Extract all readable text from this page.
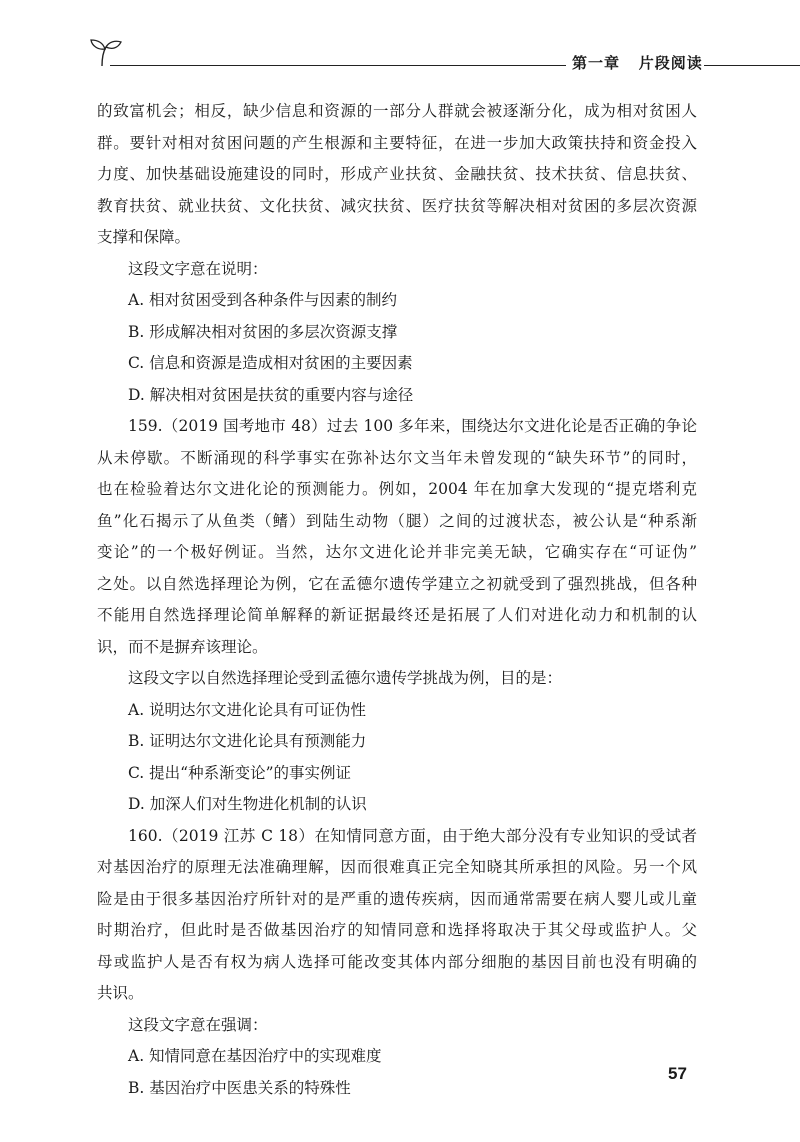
第一章 片段阅读
的致富机会；相反，缺少信息和资源的一部分人群就会被逐渐分化，成为相对贫困人
群。要针对相对贫困问题的产生根源和主要特征，在进一步加大政策扶持和资金投入
力度、加快基础设施建设的同时，形成产业扶贫、金融扶贫、技术扶贫、信息扶贫、
教育扶贫、就业扶贫、文化扶贫、减灾扶贫、医疗扶贫等解决相对贫困的多层次资源
支撑和保障。
这段文字意在说明：
A. 相对贫困受到各种条件与因素的制约
B. 形成解决相对贫困的多层次资源支撑
C. 信息和资源是造成相对贫困的主要因素
D. 解决相对贫困是扶贫的重要内容与途径
159.（2019 国考地市 48）过去 100 多年来，围绕达尔文进化论是否正确的争论
从未停歇。不断涌现的科学事实在弥补达尔文当年未曾发现的“缺失环节”的同时，
也在检验着达尔文进化论的预测能力。例如，2004 年在加拿大发现的“提克塔利克
鱼”化石揭示了从鱼类（鳍）到陆生动物（腿）之间的过渡状态，被公认是“种系渐
变论”的一个极好例证。当然，达尔文进化论并非完美无缺，它确实存在“可证伪”
之处。以自然选择理论为例，它在孟德尔遗传学建立之初就受到了强烈挑战，但各种
不能用自然选择理论简单解释的新证据最终还是拓展了人们对进化动力和机制的认
识，而不是摒弃该理论。
这段文字以自然选择理论受到孟德尔遗传学挑战为例，目的是：
A. 说明达尔文进化论具有可证伪性
B. 证明达尔文进化论具有预测能力
C. 提出“种系渐变论”的事实例证
D. 加深人们对生物进化机制的认识
160.（2019 江苏 C 18）在知情同意方面，由于绝大部分没有专业知识的受试者
对基因治疗的原理无法准确理解，因而很难真正完全知晓其所承担的风险。另一个风
险是由于很多基因治疗所针对的是严重的遗传疾病，因而通常需要在病人婴儿或儿童
时期治疗，但此时是否做基因治疗的知情同意和选择将取决于其父母或监护人。父
母或监护人是否有权为病人选择可能改变其体内部分细胞的基因目前也没有明确的
共识。
这段文字意在强调：
A. 知情同意在基因治疗中的实现难度
B. 基因治疗中医患关系的特殊性
57
